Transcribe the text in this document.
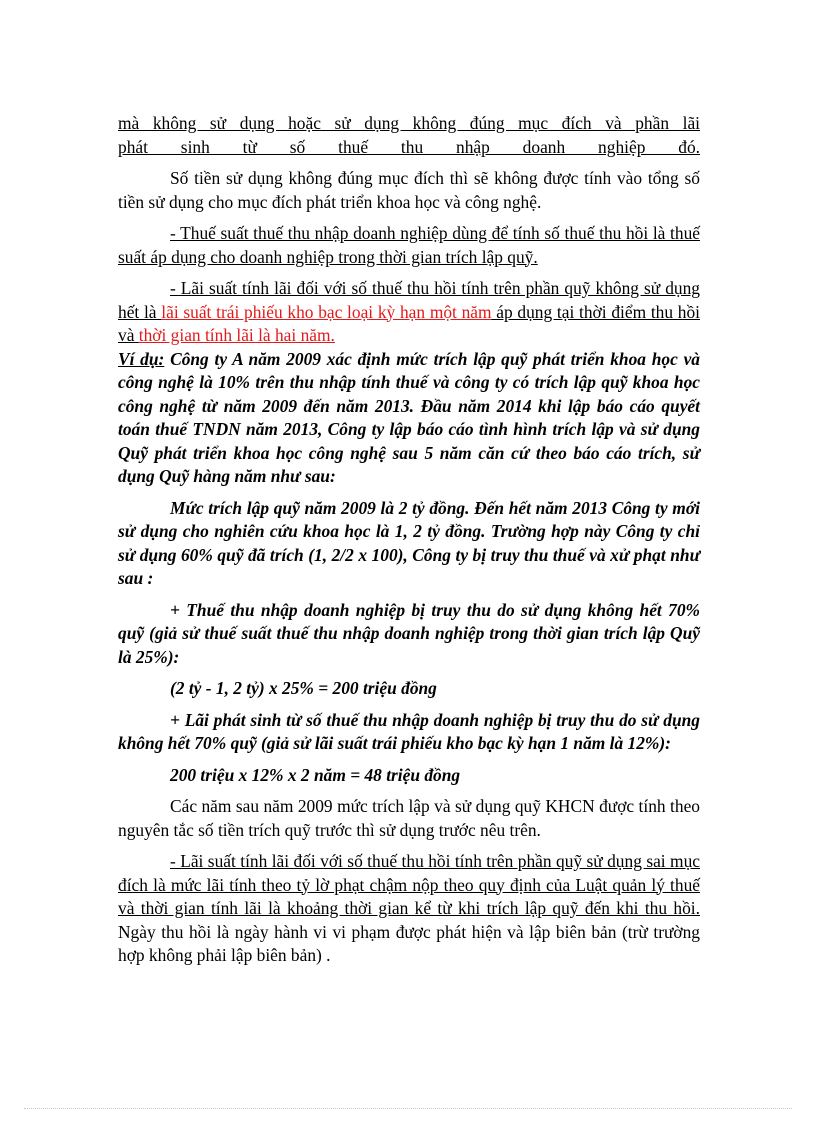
mà không sử dụng hoặc sử dụng không đúng mục đích và phần lãi

phát sinh từ số thuế thu nhập doanh nghiệp đó.

Số tiền sử dụng không đúng mục đích thì sẽ không được tính vào tổng số tiền sử dụng cho mục đích phát triển khoa học và công nghệ.

- Thuế suất thuế thu nhập doanh nghiệp dùng để tính số thuế thu hồi là thuế suất áp dụng cho doanh nghiệp trong thời gian trích lập quỹ.

- Lãi suất tính lãi đối với số thuế thu hồi tính trên phần quỹ không sử dụng hết là lãi suất trái phiếu kho bạc loại kỳ hạn một năm áp dụng tại thời điểm thu hồi và thời gian tính lãi là hai năm.

Ví dụ: Công ty A năm 2009 xác định mức trích lập quỹ phát triển khoa học và công nghệ là 10% trên thu nhập tính thuế và công ty có trích lập quỹ khoa học công nghệ từ năm 2009 đến năm 2013. Đầu năm 2014 khi lập báo cáo quyết toán thuế TNDN năm 2013, Công ty lập báo cáo tình hình trích lập và sử dụng Quỹ phát triển khoa học công nghệ sau 5 năm căn cứ theo báo cáo trích, sử dụng Quỹ hàng năm như sau:

Mức trích lập quỹ năm 2009 là 2 tỷ đồng. Đến hết năm 2013 Công ty mới sử dụng cho nghiên cứu khoa học là 1, 2 tỷ đồng. Trường hợp này Công ty chỉ sử dụng 60% quỹ đã trích (1, 2/2 x 100), Công ty bị truy thu thuế và xử phạt như sau :

+ Thuế thu nhập doanh nghiệp bị truy thu do sử dụng không hết 70% quỹ (giả sử thuế suất thuế thu nhập doanh nghiệp trong thời gian trích lập Quỹ là 25%):

(2 tỷ - 1, 2 tỷ) x 25% = 200 triệu đồng

+ Lãi phát sinh từ số thuế thu nhập doanh nghiệp bị truy thu do sử dụng không hết 70% quỹ (giả sử lãi suất trái phiếu kho bạc kỳ hạn 1 năm là 12%):

200 triệu x 12% x 2 năm = 48 triệu đồng

Các năm sau năm 2009 mức trích lập và sử dụng quỹ KHCN được tính theo nguyên tắc số tiền trích quỹ trước thì sử dụng trước nêu trên.

- Lãi suất tính lãi đối với số thuế thu hồi tính trên phần quỹ sử dụng sai mục đích là mức lãi tính theo tỷ lờ phạt chậm nộp theo quy định của Luật quản lý thuế và thời gian tính lãi là khoảng thời gian kể từ khi trích lập quỹ đến khi thu hồi. Ngày thu hồi là ngày hành vi vi phạm được phát hiện và lập biên bản (trừ trường hợp không phải lập biên bản) .
